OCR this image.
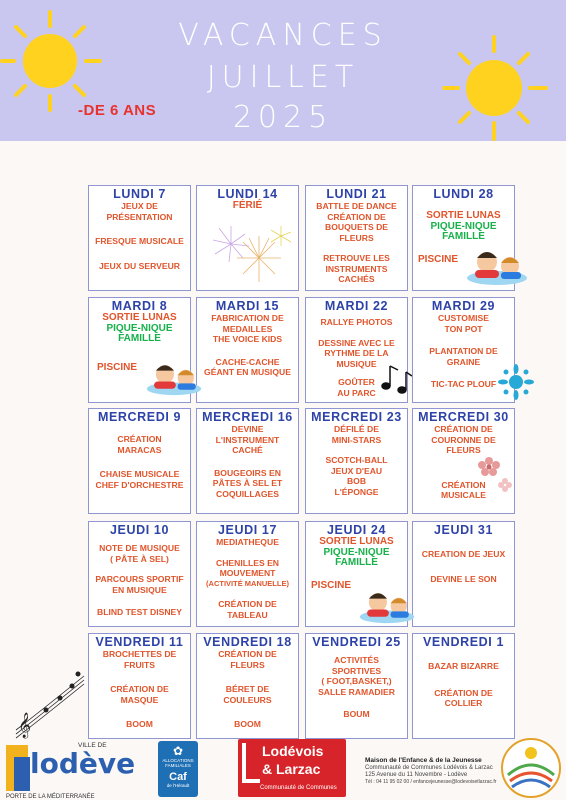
VACANCES
JUILLET
2025
-DE 6 ANS
LUNDI 7
JEUX DE
PRÉSENTATION
FRESQUE MUSICALE
JEUX DU SERVEUR
LUNDI 14
FÉRIÉ
LUNDI 21
BATTLE DE DANCE
CRÉATION DE
BOUQUETS DE
FLEURS
RETROUVE LES
INSTRUMENTS
CACHÉS
LUNDI 28
SORTIE LUNAS
PIQUE-NIQUE
FAMILLE
PISCINE
MARDI 8
SORTIE LUNAS
PIQUE-NIQUE
FAMILLE
PISCINE
MARDI 15
FABRICATION DE
MEDAILLES
THE VOICE KIDS
CACHE-CACHE
GÉANT EN MUSIQUE
MARDI 22
RALLYE PHOTOS
DESSINE AVEC LE
RYTHME DE LA
MUSIQUE
GOÛTER
AU PARC
MARDI 29
CUSTOMISE
TON POT
PLANTATION DE
GRAINE
TIC-TAC PLOUF
MERCREDI 9
CRÉATION
MARACAS
CHAISE MUSICALE
CHEF D'ORCHESTRE
MERCREDI 16
DEVINE
L'INSTRUMENT
CACHÉ
BOUGEOIRS EN
PÂTES À SEL ET
COQUILLAGES
MERCREDI 23
DÉFILÉ DE
MINI-STARS
SCOTCH-BALL
JEUX D'EAU
BOB
L'ÉPONGE
MERCREDI 30
CRÉATION DE
COURONNE DE
FLEURS
CRÉATION
MUSICALE
JEUDI 10
NOTE DE MUSIQUE
( PÂTE À SEL)
PARCOURS SPORTIF
EN MUSIQUE
BLIND TEST DISNEY
JEUDI 17
MEDIATHEQUE
CHENILLES EN
MOUVEMENT
(ACTIVITÉ MANUELLE)
CRÉATION DE
TABLEAU
JEUDI 24
SORTIE LUNAS
PIQUE-NIQUE
FAMILLE
PISCINE
JEUDI 31
CREATION DE JEUX
DEVINE LE SON
VENDREDI 11
BROCHETTES DE
FRUITS
CRÉATION DE
MASQUE
BOOM
VENDREDI 18
CRÉATION DE
FLEURS
BÉRET DE
COULEURS
BOOM
VENDREDI 25
ACTIVITÉS
SPORTIVES
( FOOT,BASKET,)
SALLE RAMADIER
BOUM
VENDREDI 1
BAZAR BIZARRE
CRÉATION DE
COLLIER
𝄞
VILLE DE
lodève
PORTE DE LA MÉDITERRANÉE
✿
ALLOCATIONS
FAMILIALES
Caf
de l'Hérault
Lodévois
& Larzac
Communauté de Communes
Maison de l'Enfance & de la Jeunesse
Communauté de Communes Lodévois & Larzac
125 Avenue du 11 Novembre - Lodève
Tél : 04 11 95 02 00 / enfancejeunesse@lodevoisetlarzac.fr
